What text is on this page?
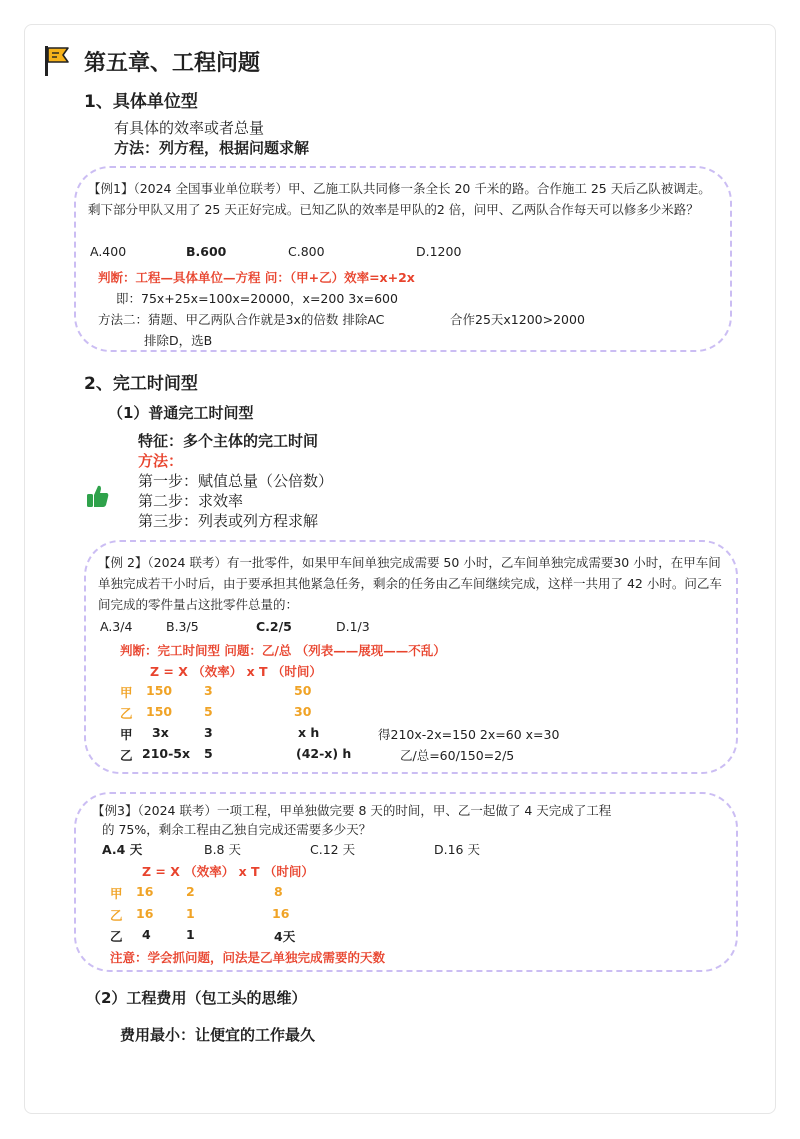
第五章、工程问题
1、具体单位型
有具体的效率或者总量
方法：列方程，根据问题求解
【例1】（2024 全国事业单位联考）甲、乙施工队共同修一条全长 20 千米的路。合作施工 25 天后乙队被调走。剩下部分甲队又用了 25 天正好完成。已知乙队的效率是甲队的2 倍，问甲、乙两队合作每天可以修多少米路？
A.400	B.600	C.800	D.1200
判断：工程—具体单位—方程 问：（甲+乙）效率=x+2x
即：75x+25x=100x=20000，x=200 3x=600
方法二：猜题、甲乙两队合作就是3x的倍数 排除AC	合作25天x1200>2000
排除D，选B
2、完工时间型
（1）普通完工时间型
特征：多个主体的完工时间
方法：
第一步：赋值总量（公倍数）
第二步：求效率
第三步：列表或列方程求解
【例 2】（2024 联考）有一批零件，如果甲车间单独完成需要 50 小时，乙车间单独完成需要30 小时，在甲车间单独完成若干小时后，由于要承担其他紧急任务，剩余的任务由乙车间继续完成，这样一共用了 42 小时。问乙车间完成的零件量占这批零件总量的：
A.3/4	B.3/5	C.2/5	D.1/3
判断：完工时间型 问题：乙/总 （列表——展现——不乱）
Z = X （效率） x T （时间）
甲 150	3	50
乙 150	5	30
甲 3x	3	x h	得210x-2x=150 2x=60 x=30
乙 210-5x 5	(42-x) h	乙/总=60/150=2/5
【例3】（2024 联考）一项工程，甲单独做完要 8 天的时间，甲、乙一起做了 4 天完成了工程
的 75%，剩余工程由乙独自完成还需要多少天？
A.4 天	B.8 天	C.12 天	D.16 天
Z = X （效率） x T （时间）
甲 16	2	8
乙 16	1	16
乙 4	1	4天
注意：学会抓问题，问法是乙单独完成需要的天数
（2）工程费用（包工头的思维）
费用最小：让便宜的工作最久
